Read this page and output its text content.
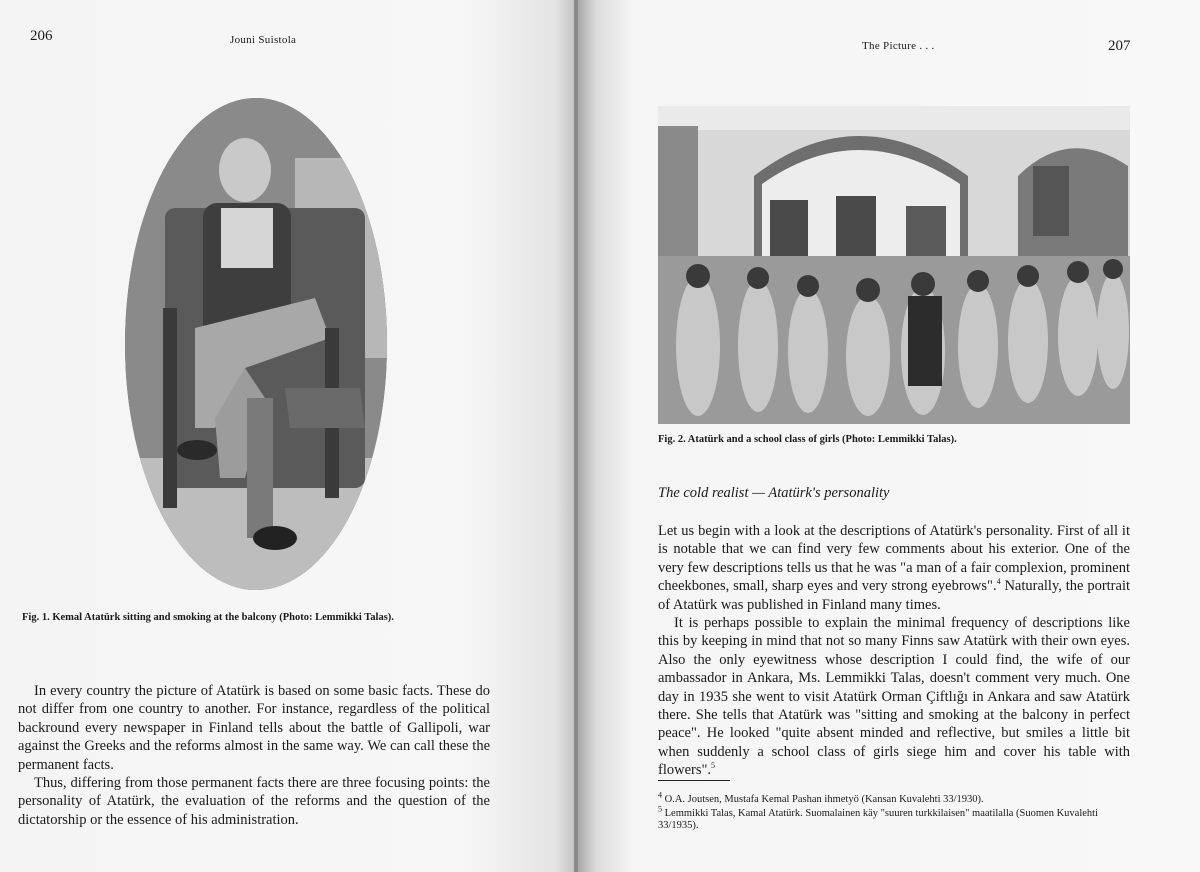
206	Jouni Suistola
Fig. 1. Kemal Atatürk sitting and smoking at the balcony (Photo: Lemmikki Talas).

In every country the picture of Atatürk is based on some basic facts. These do not differ from one country to another. For instance, regardless of the political backround every newspaper in Finland tells about the battle of Gallipoli, war against the Greeks and the reforms almost in the same way. We can call these the permanent facts.

Thus, differing from those permanent facts there are three focusing points: the personality of Atatürk, the evaluation of the reforms and the question of the dictatorship or the essence of his administration.

The Picture . . .	207
Fig. 2. Atatürk and a school class of girls (Photo: Lemmikki Talas).
The cold realist — Atatürk's personality

Let us begin with a look at the descriptions of Atatürk's personality. First of all it is notable that we can find very few comments about his exterior. One of the very few descriptions tells us that he was "a man of a fair complexion, prominent cheekbones, small, sharp eyes and very strong eyebrows".$^4$ Naturally, the portrait of Atatürk was published in Finland many times.

It is perhaps possible to explain the minimal frequency of descriptions like this by keeping in mind that not so many Finns saw Atatürk with their own eyes. Also the only eyewitness whose description I could find, the wife of our ambassador in Ankara, Ms. Lemmikki Talas, doesn't comment very much. One day in 1935 she went to visit Atatürk Orman Çiftlığı in Ankara and saw Atatürk there. She tells that Atatürk was "sitting and smoking at the balcony in perfect peace". He looked "quite absent minded and reflective, but smiles a little bit when suddenly a school class of girls siege him and cover his table with flowers".$^5$

$^4$ O.A. Joutsen, Mustafa Kemal Pashan ihmetyö (Kansan Kuvalehti 33/1930).

$^5$ Lemmikki Talas, Kamal Atatürk. Suomalainen käy "suuren turkkilaisen" maatilalla (Suomen Kuvalehti 33/1935).
